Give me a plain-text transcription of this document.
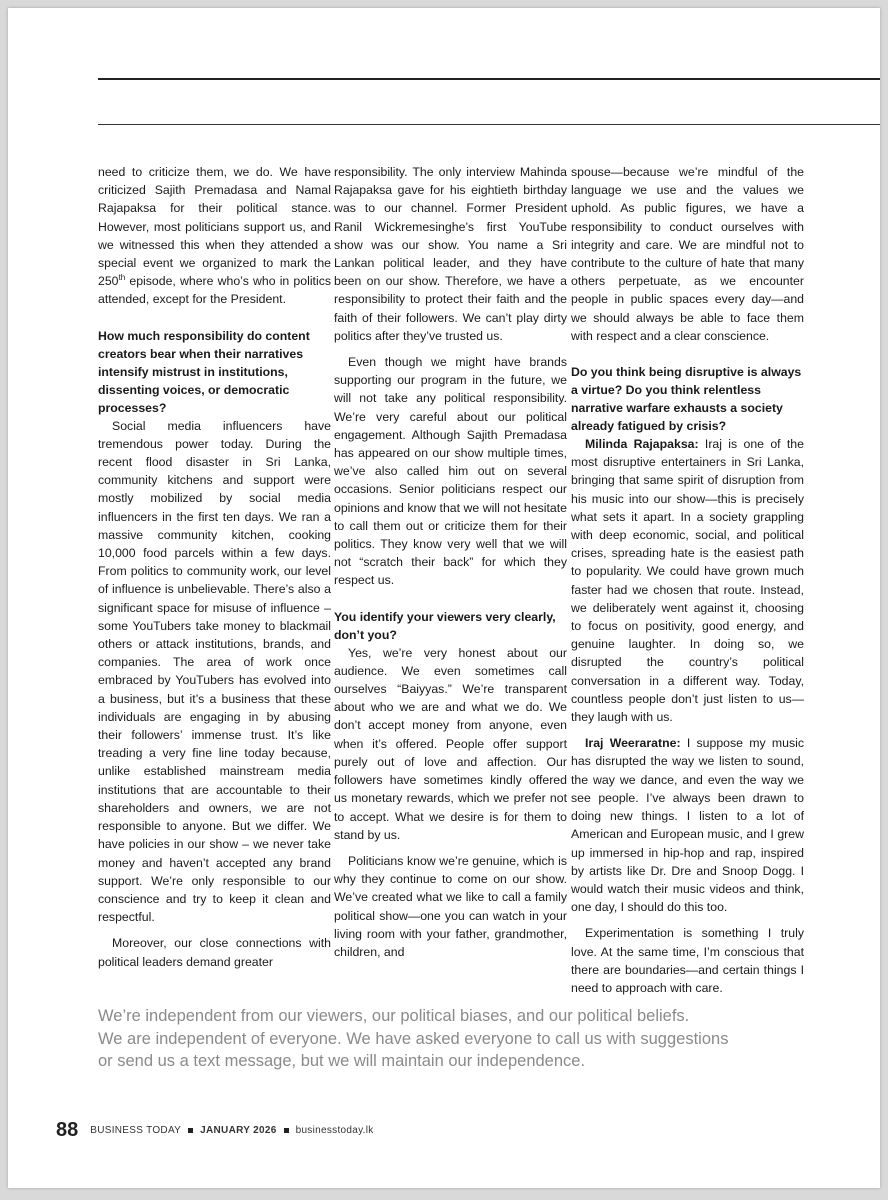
need to criticize them, we do. We have criticized Sajith Premadasa and Namal Rajapaksa for their political stance. However, most politicians support us, and we witnessed this when they attended a special event we organized to mark the 250th episode, where who’s who in politics attended, except for the President.

How much responsibility do content creators bear when their narratives intensify mistrust in institutions, dissenting voices, or democratic processes?

Social media influencers have tremendous power today. During the recent flood disaster in Sri Lanka, community kitchens and support were mostly mobilized by social media influencers in the first ten days. We ran a massive community kitchen, cooking 10,000 food parcels within a few days. From politics to community work, our level of influence is unbelievable. There’s also a significant space for misuse of influence – some YouTubers take money to blackmail others or attack institutions, brands, and companies. The area of work once embraced by YouTubers has evolved into a business, but it’s a business that these individuals are engaging in by abusing their followers’ immense trust. It’s like treading a very fine line today because, unlike established mainstream media institutions that are accountable to their shareholders and owners, we are not responsible to anyone. But we differ. We have policies in our show – we never take money and haven’t accepted any brand support. We’re only responsible to our conscience and try to keep it clean and respectful.

Moreover, our close connections with political leaders demand greater

responsibility. The only interview Mahinda Rajapaksa gave for his eightieth birthday was to our channel. Former President Ranil Wickremesinghe’s first YouTube show was our show. You name a Sri Lankan political leader, and they have been on our show. Therefore, we have a responsibility to protect their faith and the faith of their followers. We can’t play dirty politics after they’ve trusted us.

Even though we might have brands supporting our program in the future, we will not take any political responsibility. We’re very careful about our political engagement. Although Sajith Premadasa has appeared on our show multiple times, we’ve also called him out on several occasions. Senior politicians respect our opinions and know that we will not hesitate to call them out or criticize them for their politics. They know very well that we will not “scratch their back” for which they respect us.

You identify your viewers very clearly, don’t you?

Yes, we’re very honest about our audience. We even sometimes call ourselves “Baiyyas.” We’re transparent about who we are and what we do. We don’t accept money from anyone, even when it’s offered. People offer support purely out of love and affection. Our followers have sometimes kindly offered us monetary rewards, which we prefer not to accept. What we desire is for them to stand by us.

Politicians know we’re genuine, which is why they continue to come on our show. We’ve created what we like to call a family political show—one you can watch in your living room with your father, grandmother, children, and

spouse—because we’re mindful of the language we use and the values we uphold. As public figures, we have a responsibility to conduct ourselves with integrity and care. We are mindful not to contribute to the culture of hate that many others perpetuate, as we encounter people in public spaces every day—and we should always be able to face them with respect and a clear conscience.

Do you think being disruptive is always a virtue? Do you think relentless narrative warfare exhausts a society already fatigued by crisis?

Milinda Rajapaksa: Iraj is one of the most disruptive entertainers in Sri Lanka, bringing that same spirit of disruption from his music into our show—this is precisely what sets it apart. In a society grappling with deep economic, social, and political crises, spreading hate is the easiest path to popularity. We could have grown much faster had we chosen that route. Instead, we deliberately went against it, choosing to focus on positivity, good energy, and genuine laughter. In doing so, we disrupted the country’s political conversation in a different way. Today, countless people don’t just listen to us—they laugh with us.

Iraj Weeraratne: I suppose my music has disrupted the way we listen to sound, the way we dance, and even the way we see people. I’ve always been drawn to doing new things. I listen to a lot of American and European music, and I grew up immersed in hip-hop and rap, inspired by artists like Dr. Dre and Snoop Dogg. I would watch their music videos and think, one day, I should do this too.

Experimentation is something I truly love. At the same time, I’m conscious that there are boundaries—and certain things I need to approach with care.

We’re independent from our viewers, our political biases, and our political beliefs.
We are independent of everyone. We have asked everyone to call us with suggestions
or send us a text message, but we will maintain our independence.
88 BUSINESS TODAY JANUARY 2026 businesstoday.lk
